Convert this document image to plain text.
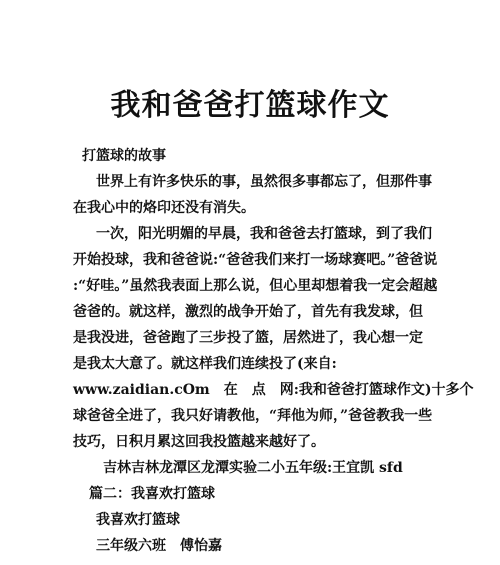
我和爸爸打篮球作文
打篮球的故事
世界上有许多快乐的事，虽然很多事都忘了，但那件事
在我心中的烙印还没有消失。
一次，阳光明媚的早晨，我和爸爸去打篮球，到了我们
开始投球，我和爸爸说:“爸爸我们来打一场球赛吧。”爸爸说
:“好哇。”虽然我表面上那么说，但心里却想着我一定会超越
爸爸的。就这样，激烈的战争开始了，首先有我发球，但
是我没进，爸爸跑了三步投了篮，居然进了，我心想一定
是我太大意了。就这样我们连续投了(来自:
www.zaidian.cOm　在　点　网:我和爸爸打篮球作文)十多个
球爸爸全进了，我只好请教他，“拜他为师，”爸爸教我一些
技巧，日积月累这回我投篮越来越好了。
吉林吉林龙潭区龙潭实验二小五年级:王宜凯 sfd
篇二：我喜欢打篮球
我喜欢打篮球
三年级六班　傅怡嘉
